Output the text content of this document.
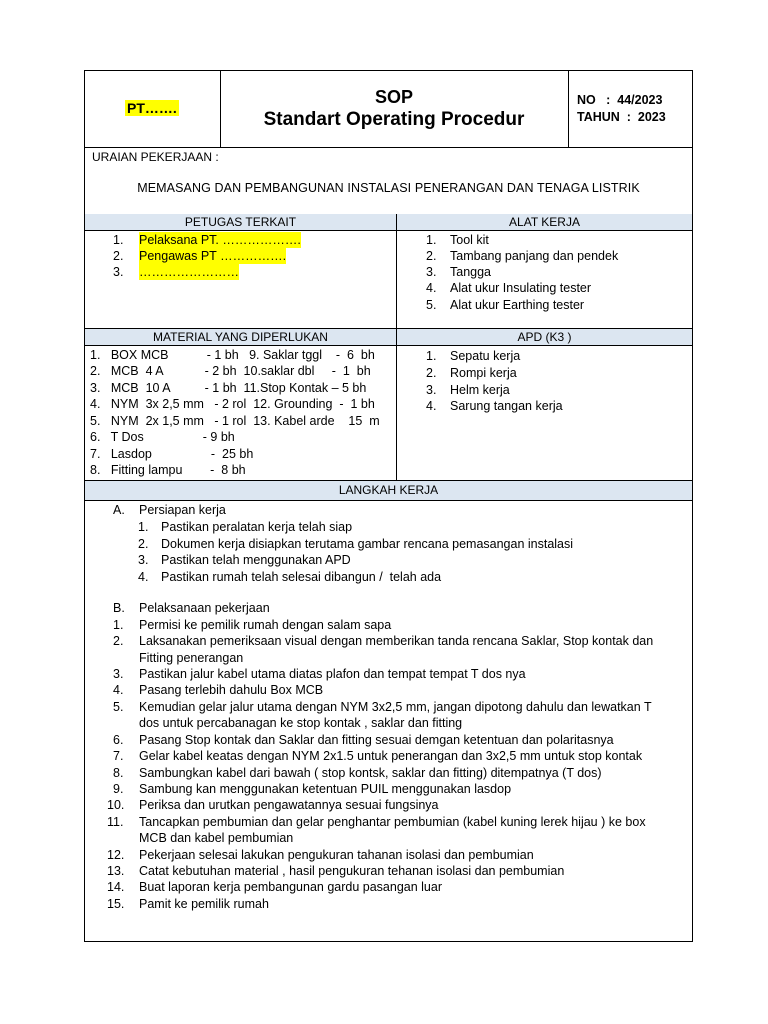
PT…….
SOP
Standart Operating Procedur
NO   :  44/2023
TAHUN  :  2023
URAIAN PEKERJAAN :
MEMASANG DAN PEMBANGUNAN INSTALASI PENERANGAN DAN TENAGA LISTRIK
PETUGAS TERKAIT	ALAT KERJA
1. Pelaksana PT. ……………….
2. Pengawas PT …………….
3. ……………………
1. Tool kit
2. Tambang panjang dan pendek
3. Tangga
4. Alat ukur Insulating tester
5. Alat ukur Earthing tester
MATERIAL YANG DIPERLUKAN	APD (K3 )
1.   BOX MCB           - 1 bh   9. Saklar tggl    -  6  bh
2.   MCB  4 A            - 2 bh  10.saklar dbl     -  1  bh
3.   MCB  10 A          - 1 bh  11.Stop Kontak – 5 bh
4.   NYM  3x 2,5 mm   - 2 rol  12. Grounding  -  1 bh
5.   NYM  2x 1,5 mm   - 1 rol  13. Kabel arde    15  m
6.   T Dos                 - 9 bh
7.   Lasdop                 -  25 bh
8.   Fitting lampu        -  8 bh
1. Sepatu kerja
2. Rompi kerja
3. Helm kerja
4. Sarung tangan kerja
LANGKAH KERJA
A. Persiapan kerja
1. Pastikan peralatan kerja telah siap
2. Dokumen kerja disiapkan terutama gambar rencana pemasangan instalasi
3. Pastikan telah menggunakan APD
4. Pastikan rumah telah selesai dibangun /  telah ada
B. Pelaksanaan pekerjaan
1. Permisi ke pemilik rumah dengan salam sapa
2. Laksanakan pemeriksaan visual dengan memberikan tanda rencana Saklar, Stop kontak dan
Fitting penerangan
3. Pastikan jalur kabel utama diatas plafon dan tempat tempat T dos nya
4. Pasang terlebih dahulu Box MCB
5. Kemudian gelar jalur utama dengan NYM 3x2,5 mm, jangan dipotong dahulu dan lewatkan T
dos untuk percabanagan ke stop kontak , saklar dan fitting
6. Pasang Stop kontak dan Saklar dan fitting sesuai demgan ketentuan dan polaritasnya
7. Gelar kabel keatas dengan NYM 2x1.5 untuk penerangan dan 3x2,5 mm untuk stop kontak
8. Sambungkan kabel dari bawah ( stop kontsk, saklar dan fitting) ditempatnya (T dos)
9. Sambung kan menggunakan ketentuan PUIL menggunakan lasdop
10. Periksa dan urutkan pengawatannya sesuai fungsinya
11. Tancapkan pembumian dan gelar penghantar pembumian (kabel kuning lerek hijau ) ke box
MCB dan kabel pembumian
12. Pekerjaan selesai lakukan pengukuran tahanan isolasi dan pembumian
13. Catat kebutuhan material , hasil pengukuran tehanan isolasi dan pembumian
14. Buat laporan kerja pembangunan gardu pasangan luar
15. Pamit ke pemilik rumah
